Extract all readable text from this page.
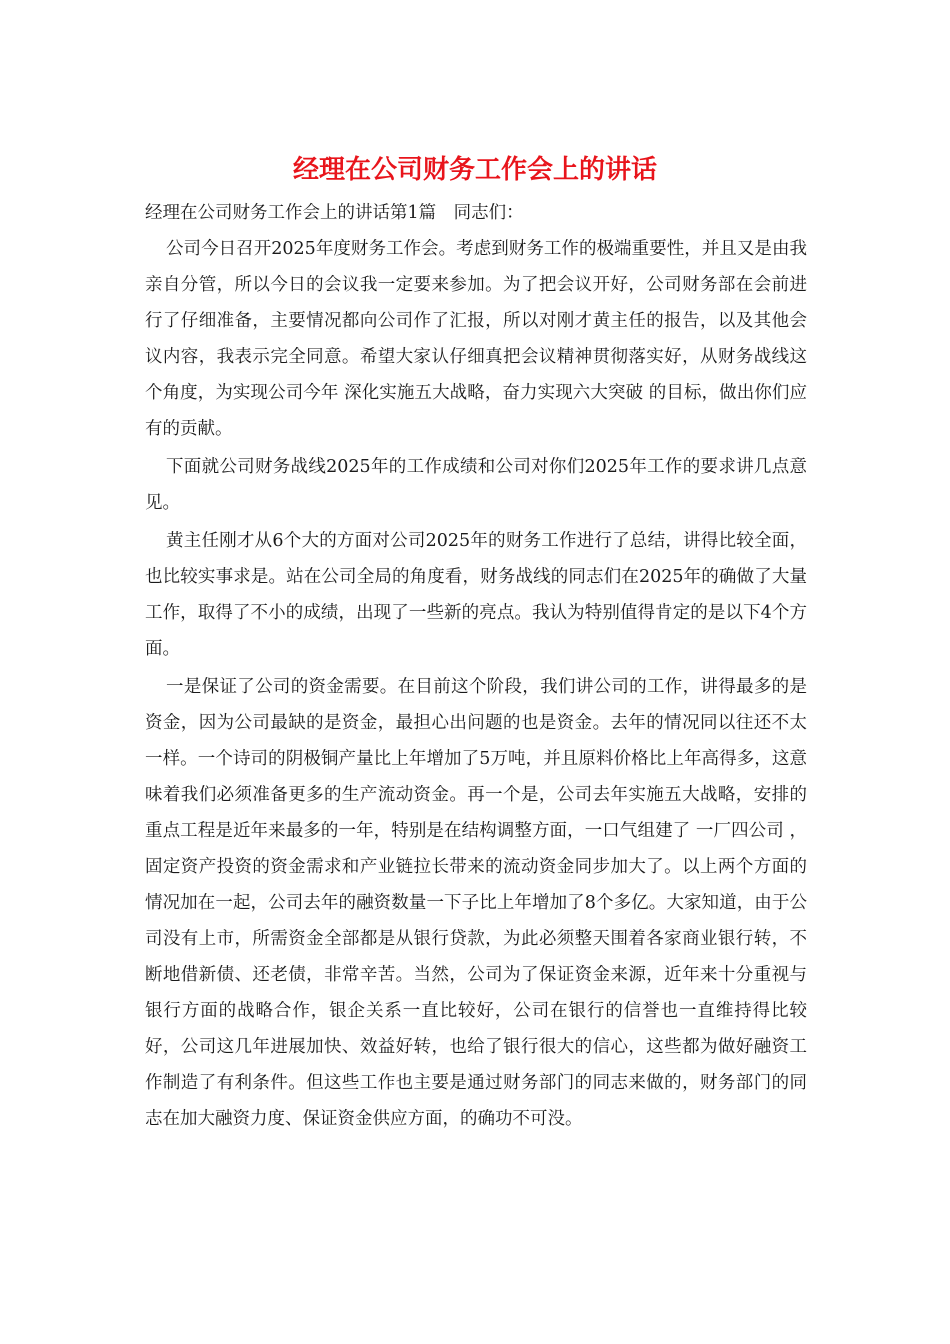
经理在公司财务工作会上的讲话

经理在公司财务工作会上的讲话第1篇　同志们：

公司今日召开2025年度财务工作会。考虑到财务工作的极端重要性，并且又是由我亲自分管，所以今日的会议我一定要来参加。为了把会议开好，公司财务部在会前进行了仔细准备，主要情况都向公司作了汇报，所以对刚才黄主任的报告，以及其他会议内容，我表示完全同意。希望大家认仔细真把会议精神贯彻落实好，从财务战线这个角度，为实现公司今年 深化实施五大战略，奋力实现六大突破 的目标，做出你们应有的贡献。

下面就公司财务战线2025年的工作成绩和公司对你们2025年工作的要求讲几点意见。

黄主任刚才从6个大的方面对公司2025年的财务工作进行了总结，讲得比较全面，也比较实事求是。站在公司全局的角度看，财务战线的同志们在2025年的确做了大量工作，取得了不小的成绩，出现了一些新的亮点。我认为特别值得肯定的是以下4个方面。

一是保证了公司的资金需要。在目前这个阶段，我们讲公司的工作，讲得最多的是资金，因为公司最缺的是资金，最担心出问题的也是资金。去年的情况同以往还不太一样。一个诗司的阴极铜产量比上年增加了5万吨，并且原料价格比上年高得多，这意味着我们必须准备更多的生产流动资金。再一个是，公司去年实施五大战略，安排的重点工程是近年来最多的一年，特别是在结构调整方面，一口气组建了 一厂四公司 ，固定资产投资的资金需求和产业链拉长带来的流动资金同步加大了。以上两个方面的情况加在一起，公司去年的融资数量一下子比上年增加了8个多亿。大家知道，由于公司没有上市，所需资金全部都是从银行贷款，为此必须整天围着各家商业银行转，不断地借新债、还老债，非常辛苦。当然，公司为了保证资金来源，近年来十分重视与银行方面的战略合作，银企关系一直比较好，公司在银行的信誉也一直维持得比较好，公司这几年进展加快、效益好转，也给了银行很大的信心，这些都为做好融资工作制造了有利条件。但这些工作也主要是通过财务部门的同志来做的，财务部门的同志在加大融资力度、保证资金供应方面，的确功不可没。
